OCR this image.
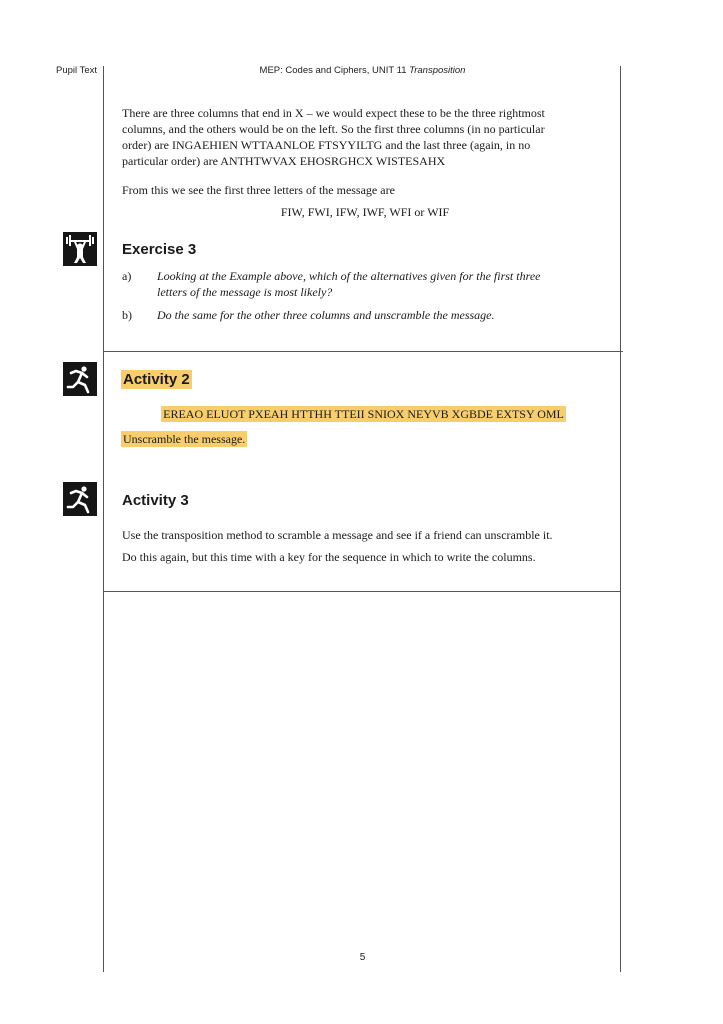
Pupil Text	MEP: Codes and Ciphers, UNIT 11 Transposition
There are three columns that end in X – we would expect these to be the three rightmost
columns, and the others would be on the left. So the first three columns (in no particular
order) are INGAEHIEN WTTAANLOE FTSYYILTG and the last three (again, in no
particular order) are ANTHTWVAX EHOSRGHCX WISTESAHX
From this we see the first three letters of the message are
FIW, FWI, IFW, IWF, WFI or WIF
Exercise 3
a) Looking at the Example above, which of the alternatives given for the first three
letters of the message is most likely?
b) Do the same for the other three columns and unscramble the message.
Activity 2
EREAO ELUOT PXEAH HTTHH TTEII SNIOX NEYVB XGBDE EXTSY OML
Unscramble the message.
Activity 3
Use the transposition method to scramble a message and see if a friend can unscramble it.
Do this again, but this time with a key for the sequence in which to write the columns.
5
